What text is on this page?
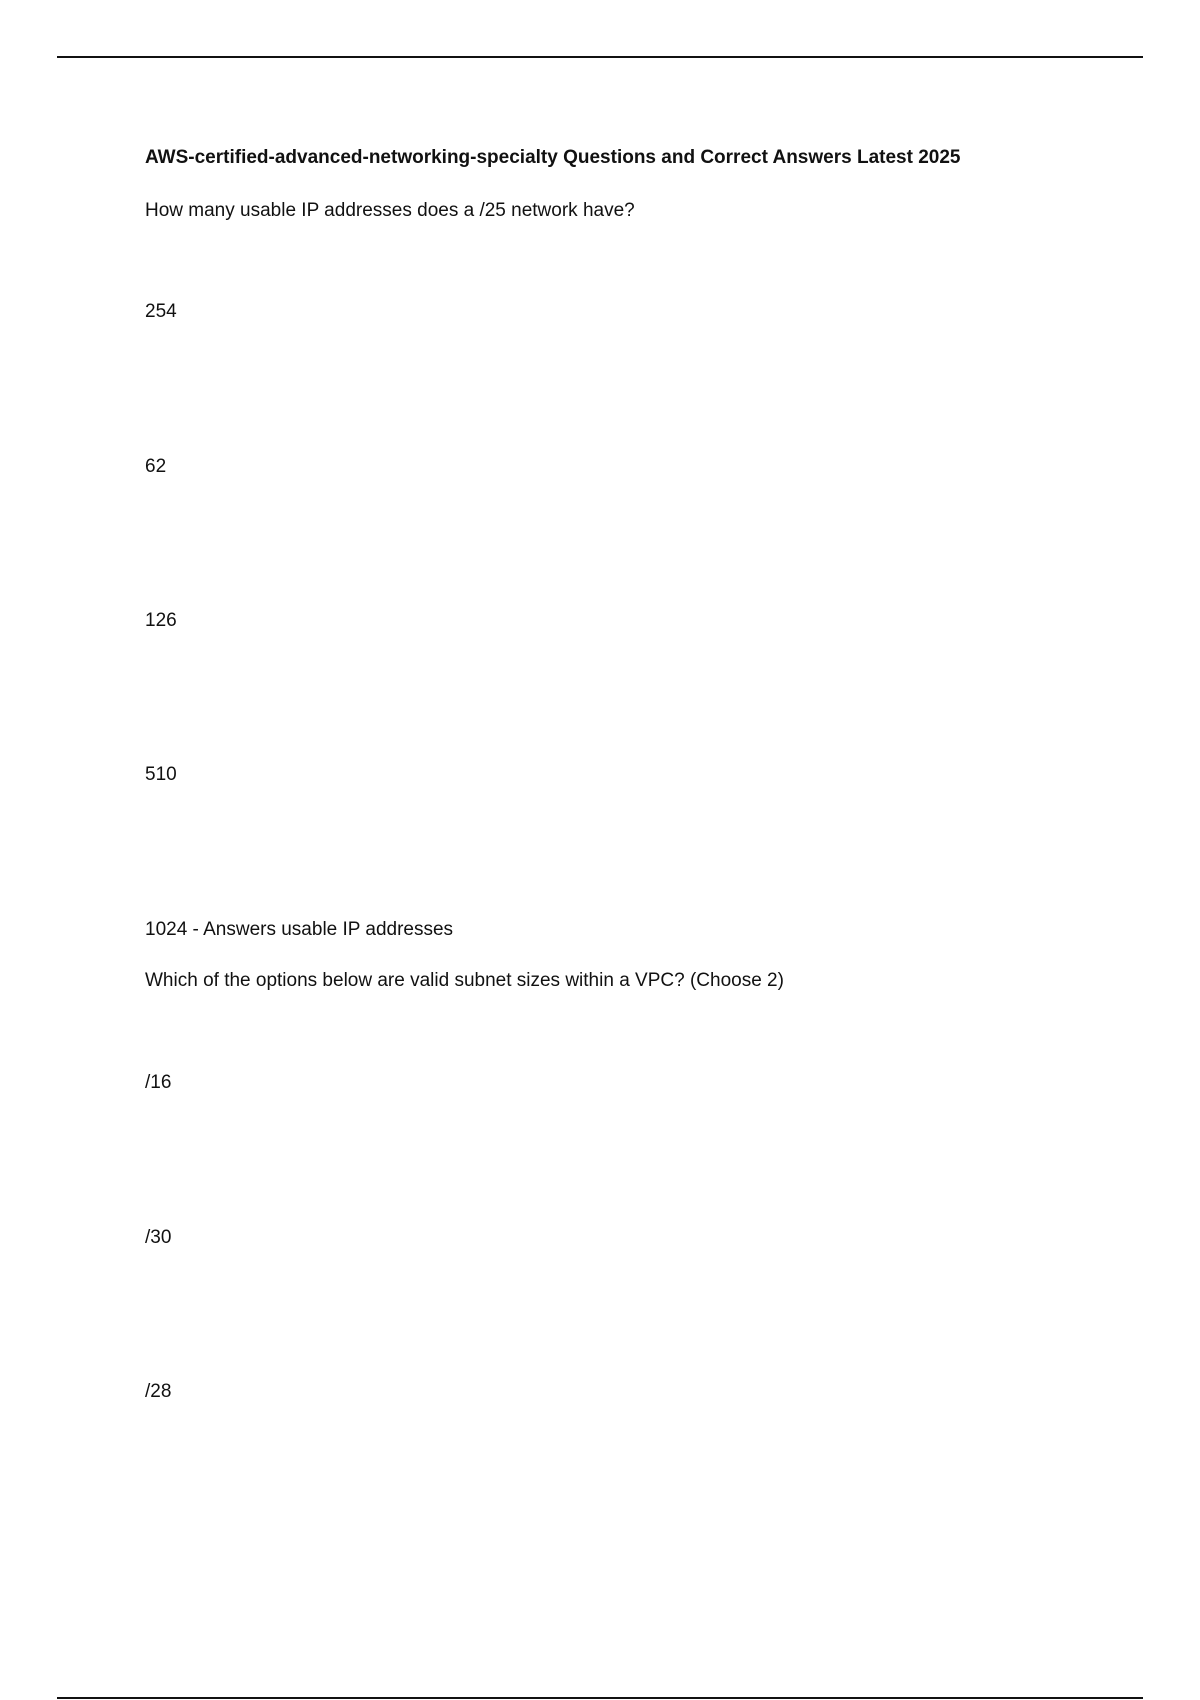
AWS-certified-advanced-networking-specialty Questions and Correct Answers Latest 2025
How many usable IP addresses does a /25 network have?
254
62
126
510
1024 - Answers usable IP addresses
Which of the options below are valid subnet sizes within a VPC? (Choose 2)
/16
/30
/28
